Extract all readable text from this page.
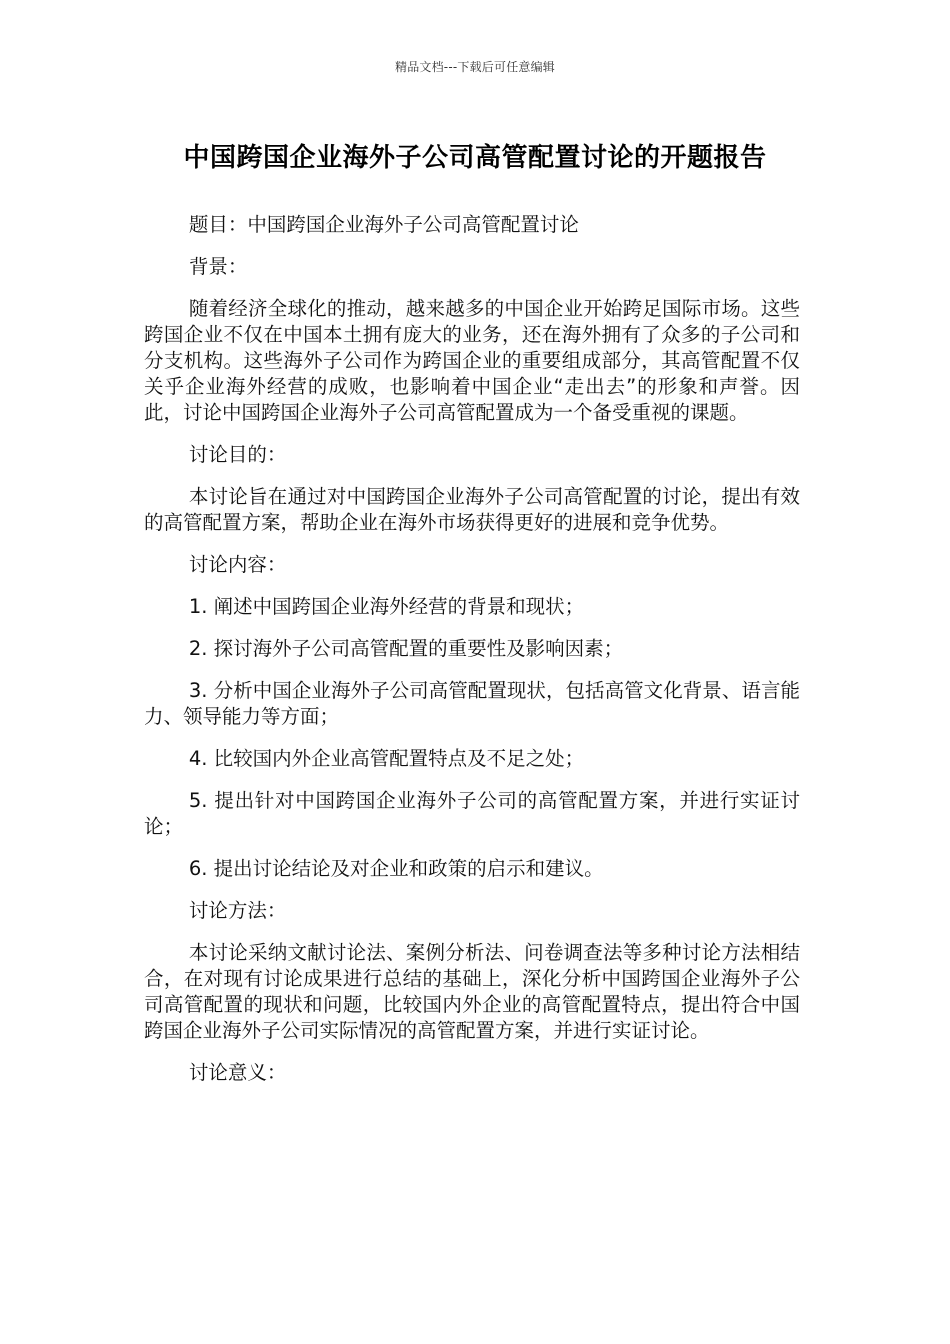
精品文档---下载后可任意编辑
中国跨国企业海外子公司高管配置讨论的开题报告

题目：中国跨国企业海外子公司高管配置讨论

背景：

随着经济全球化的推动，越来越多的中国企业开始跨足国际市场。这些跨国企业不仅在中国本土拥有庞大的业务，还在海外拥有了众多的子公司和分支机构。这些海外子公司作为跨国企业的重要组成部分，其高管配置不仅关乎企业海外经营的成败，也影响着中国企业“走出去”的形象和声誉。因此，讨论中国跨国企业海外子公司高管配置成为一个备受重视的课题。

讨论目的：

本讨论旨在通过对中国跨国企业海外子公司高管配置的讨论，提出有效的高管配置方案，帮助企业在海外市场获得更好的进展和竞争优势。

讨论内容：

1. 阐述中国跨国企业海外经营的背景和现状；

2. 探讨海外子公司高管配置的重要性及影响因素；

3. 分析中国企业海外子公司高管配置现状，包括高管文化背景、语言能力、领导能力等方面；

4. 比较国内外企业高管配置特点及不足之处；

5. 提出针对中国跨国企业海外子公司的高管配置方案，并进行实证讨论；

6. 提出讨论结论及对企业和政策的启示和建议。

讨论方法：

本讨论采纳文献讨论法、案例分析法、问卷调查法等多种讨论方法相结合，在对现有讨论成果进行总结的基础上，深化分析中国跨国企业海外子公司高管配置的现状和问题，比较国内外企业的高管配置特点，提出符合中国跨国企业海外子公司实际情况的高管配置方案，并进行实证讨论。

讨论意义：
